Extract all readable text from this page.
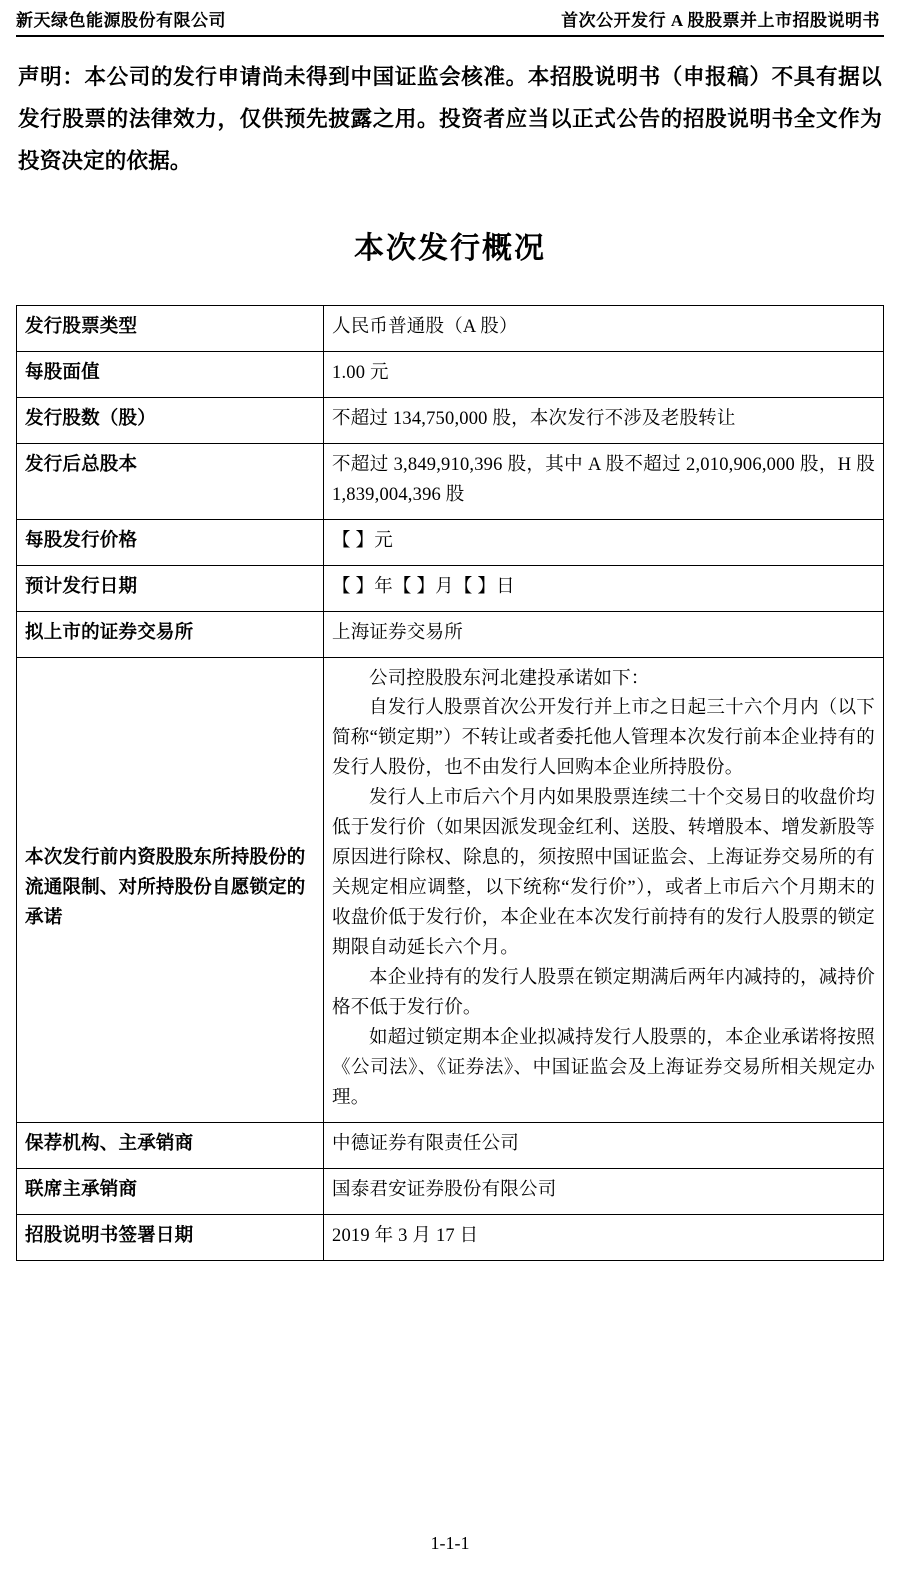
新天绿色能源股份有限公司	首次公开发行 A 股股票并上市招股说明书
声明：本公司的发行申请尚未得到中国证监会核准。本招股说明书（申报稿）不具有据以发行股票的法律效力，仅供预先披露之用。投资者应当以正式公告的招股说明书全文作为投资决定的依据。
本次发行概况
发行股票类型	人民币普通股（A 股）
每股面值	1.00 元
发行股数（股）	不超过 134,750,000 股，本次发行不涉及老股转让
发行后总股本	不超过 3,849,910,396 股，其中 A 股不超过 2,010,906,000 股，H 股 1,839,004,396 股
每股发行价格	【 】元
预计发行日期	【 】年【 】月【 】日
拟上市的证券交易所	上海证券交易所
本次发行前内资股股东所持股份的流通限制、对所持股份自愿锁定的承诺	公司控股股东河北建投承诺如下：

自发行人股票首次公开发行并上市之日起三十六个月内（以下简称“锁定期”）不转让或者委托他人管理本次发行前本企业持有的发行人股份，也不由发行人回购本企业所持股份。

发行人上市后六个月内如果股票连续二十个交易日的收盘价均低于发行价（如果因派发现金红利、送股、转增股本、增发新股等原因进行除权、除息的，须按照中国证监会、上海证券交易所的有关规定相应调整，以下统称“发行价”），或者上市后六个月期末的收盘价低于发行价，本企业在本次发行前持有的发行人股票的锁定期限自动延长六个月。

本企业持有的发行人股票在锁定期满后两年内减持的，减持价格不低于发行价。

如超过锁定期本企业拟减持发行人股票的，本企业承诺将按照《公司法》、《证券法》、中国证监会及上海证券交易所相关规定办理。

保荐机构、主承销商	中德证券有限责任公司
联席主承销商	国泰君安证券股份有限公司
招股说明书签署日期	2019 年 3 月 17 日
1-1-1
